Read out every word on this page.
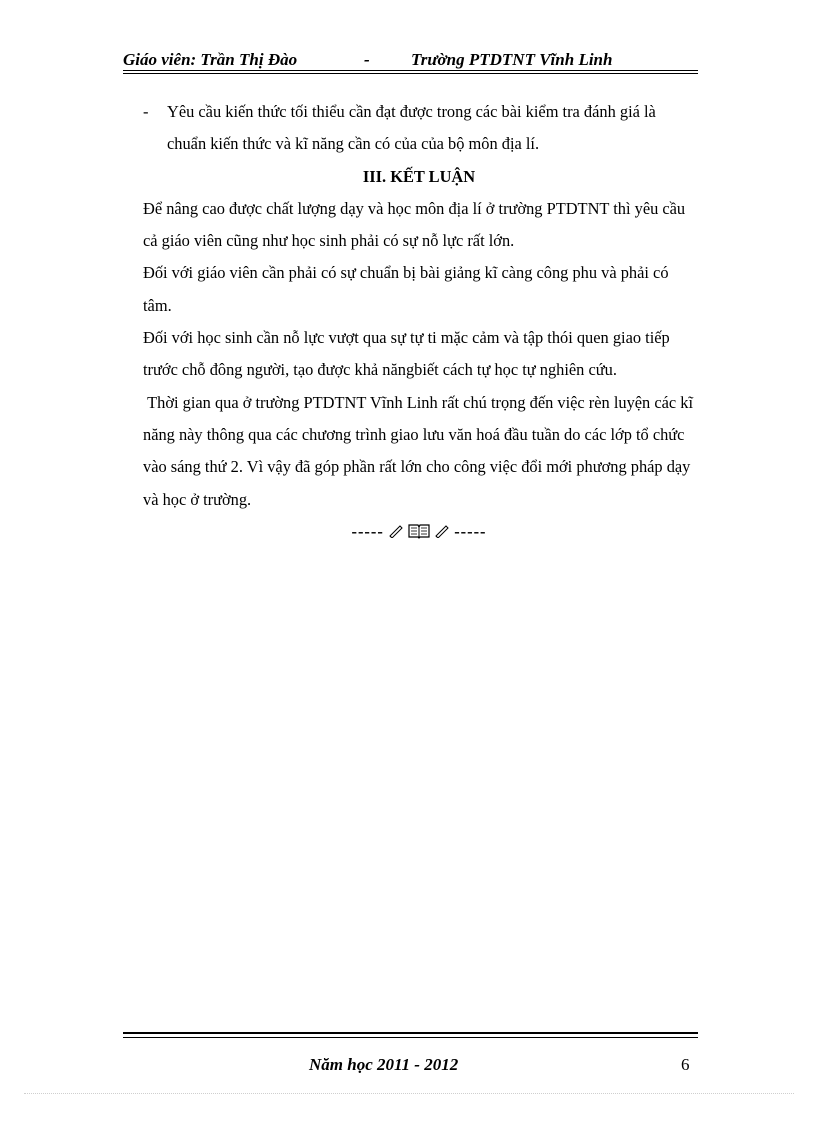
Giáo viên: Trần Thị Đào	- Trường PTDTNT Vĩnh Linh
- Yêu cầu kiến thức tối thiểu cần đạt được trong các bài kiểm tra đánh giá là chuẩn kiến thức và kĩ năng cần có của của bộ môn địa lí.
III. KẾT LUẬN

Để nâng cao được chất lượng dạy và học môn địa lí ở trường PTDTNT thì yêu cầu cả giáo viên cũng như học sinh phải có sự nỗ lực rất lớn.

Đối với giáo viên cần phải có sự chuẩn bị bài giảng kĩ càng công phu và phải có tâm.

Đối với học sinh cần nỗ lực vượt qua sự tự ti mặc cảm và tập thói quen giao tiếp trước chỗ đông người, tạo được khả năngbiết cách tự học tự nghiên cứu.

Thời gian qua ở trường PTDTNT Vĩnh Linh rất chú trọng đến việc rèn luyện các kĩ năng này thông qua các chương trình giao lưu văn hoá đầu tuần do các lớp tổ chức vào sáng thứ 2. Vì vậy đã góp phần rất lớn cho công việc đổi mới phương pháp dạy và học ở trường.

-----	-----
Năm học 2011 - 2012	6
